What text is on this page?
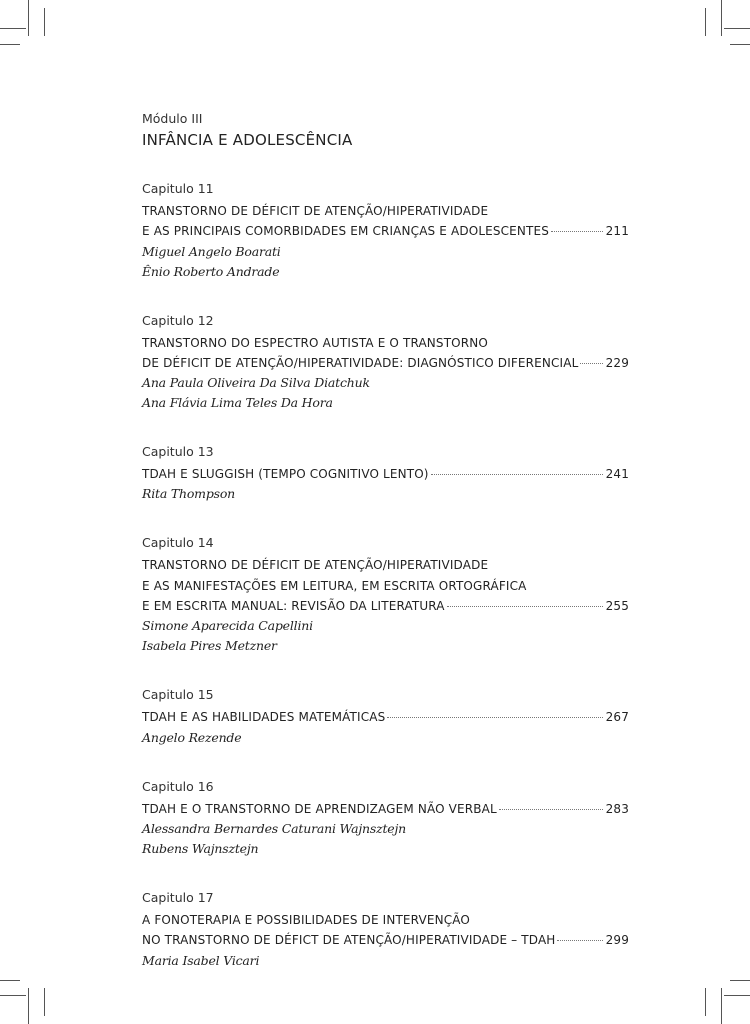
Módulo III
INFÂNCIA E ADOLESCÊNCIA
Capitulo 11
TRANSTORNO DE DÉFICIT DE ATENÇÃO/HIPERATIVIDADE
E AS PRINCIPAIS COMORBIDADES EM CRIANÇAS E ADOLESCENTES	211
Miguel Angelo Boarati
Ênio Roberto Andrade
Capitulo 12
TRANSTORNO DO ESPECTRO AUTISTA E O TRANSTORNO
DE DÉFICIT DE ATENÇÃO/HIPERATIVIDADE: DIAGNÓSTICO DIFERENCIAL 229
Ana Paula Oliveira Da Silva Diatchuk
Ana Flávia Lima Teles Da Hora
Capitulo 13
TDAH E SLUGGISH (TEMPO COGNITIVO LENTO)	241
Rita Thompson
Capitulo 14
TRANSTORNO DE DÉFICIT DE ATENÇÃO/HIPERATIVIDADE
E AS MANIFESTAÇÕES EM LEITURA, EM ESCRITA ORTOGRÁFICA
E EM ESCRITA MANUAL: REVISÃO DA LITERATURA	255
Simone Aparecida Capellini
Isabela Pires Metzner
Capitulo 15
TDAH E AS HABILIDADES MATEMÁTICAS	267
Angelo Rezende
Capitulo 16
TDAH E O TRANSTORNO DE APRENDIZAGEM NÃO VERBAL	283
Alessandra Bernardes Caturani Wajnsztejn
Rubens Wajnsztejn
Capitulo 17
A FONOTERAPIA E POSSIBILIDADES DE INTERVENÇÃO
NO TRANSTORNO DE DÉFICT DE ATENÇÃO/HIPERATIVIDADE – TDAH	299
Maria Isabel Vicari
